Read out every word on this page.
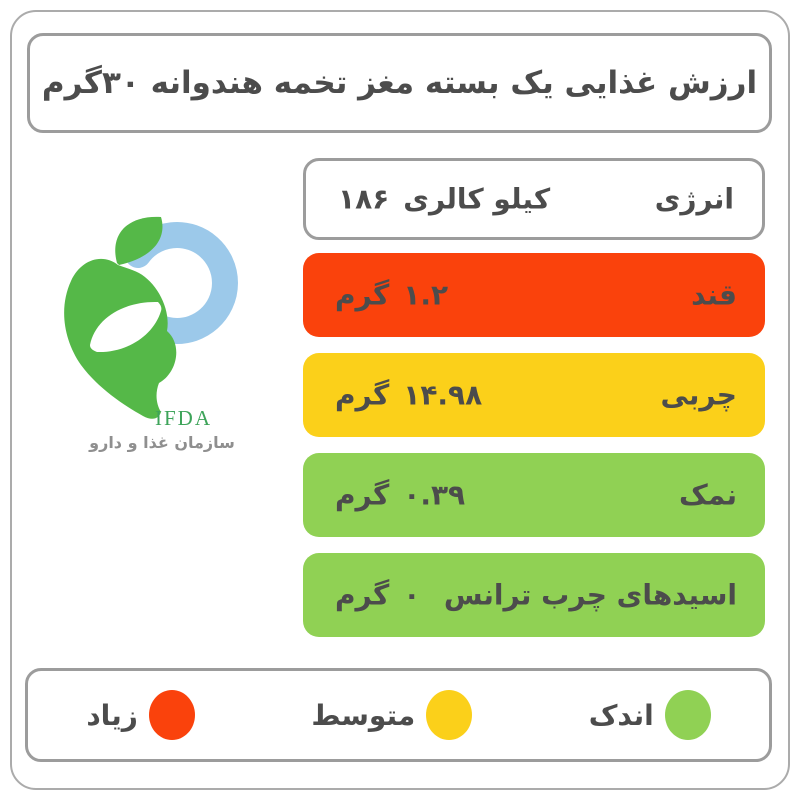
ارزش غذایی یک بسته مغز تخمه هندوانه ۳۰گرم
IFDA
سازمان غذا و دارو
۱۸۶ کیلو کالری	انرژی
گرم ۱.۲	قند
گرم ۱۴.۹۸	چربی
گرم ۰.۳۹	نمک
گرم ۰ اسیدهای چرب ترانس
اندک
متوسط
زیاد
